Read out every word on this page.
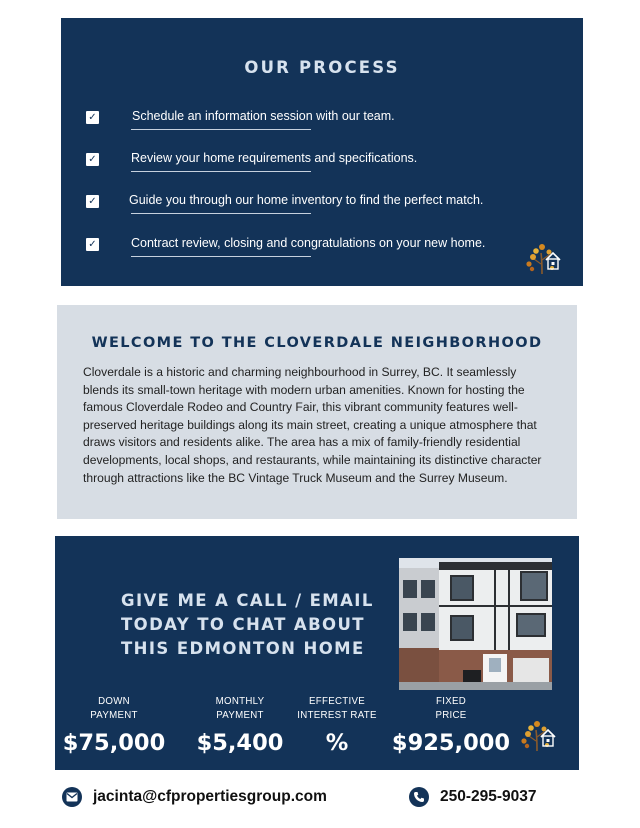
OUR PROCESS
✓	Schedule an information session with our team.
✓	Review your home requirements and specifications.
✓	Guide you through our home inventory to find the perfect match.
✓	Contract review, closing and congratulations on your new home.
WELCOME TO THE CLOVERDALE NEIGHBORHOOD
Cloverdale is a historic and charming neighbourhood in Surrey, BC. It seamlessly
blends its small-town heritage with modern urban amenities. Known for hosting the
famous Cloverdale Rodeo and Country Fair, this vibrant community features well-
preserved heritage buildings along its main street, creating a unique atmosphere that
draws visitors and residents alike. The area has a mix of family-friendly residential
developments, local shops, and restaurants, while maintaining its distinctive character
through attractions like the BC Vintage Truck Museum and the Surrey Museum.
GIVE ME A CALL / EMAIL
TODAY TO CHAT ABOUT
THIS EDMONTON HOME
DOWN
PAYMENT
$75,000
MONTHLY
PAYMENT
$5,400
EFFECTIVE
INTEREST RATE
%
FIXED
PRICE
$925,000
jacinta@cfpropertiesgroup.com	250-295-9037
